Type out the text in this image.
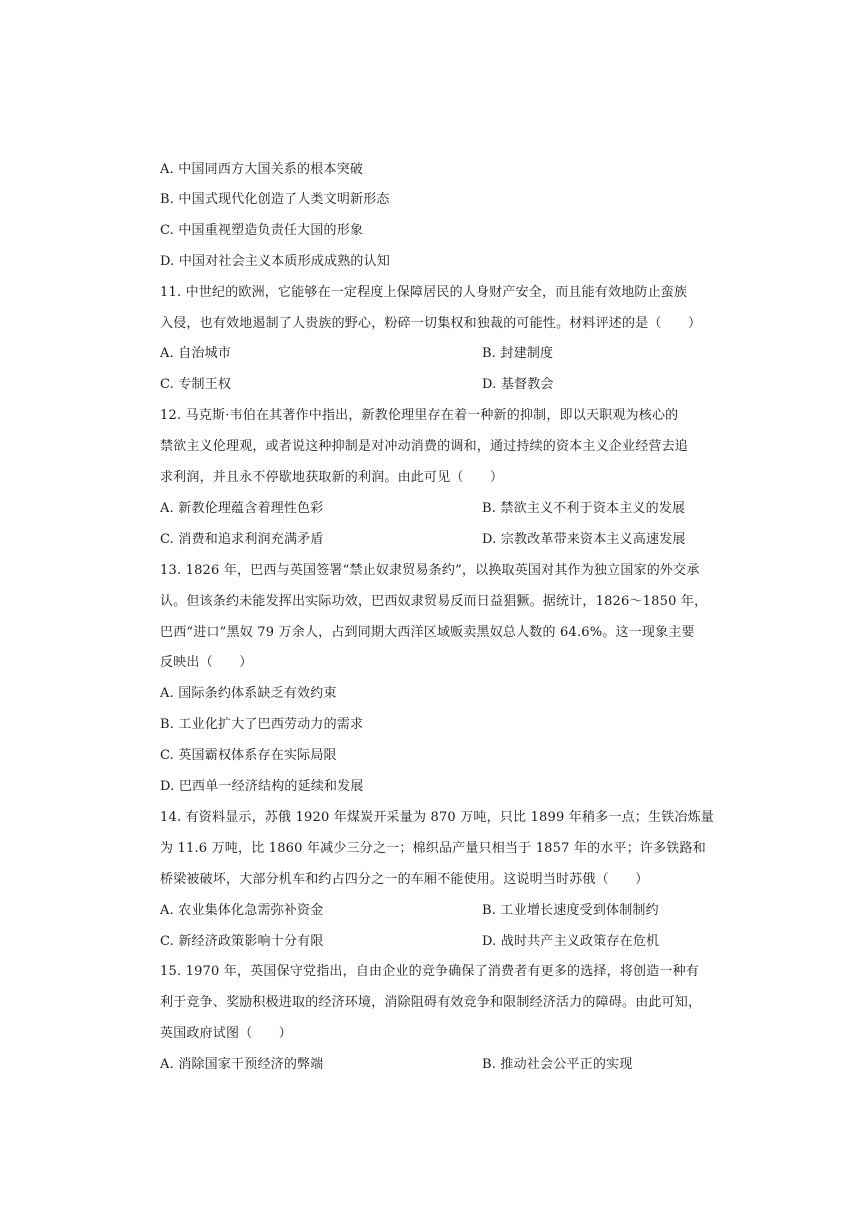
A. 中国同西方大国关系的根本突破
B. 中国式现代化创造了人类文明新形态
C. 中国重视塑造负责任大国的形象
D. 中国对社会主义本质形成成熟的认知
11. 中世纪的欧洲，它能够在一定程度上保障居民的人身财产安全，而且能有效地防止蛮族
入侵，也有效地遏制了人贵族的野心，粉碎一切集权和独裁的可能性。材料评述的是（　　）
A. 自治城市	B. 封建制度
C. 专制王权	D. 基督教会
12. 马克斯·韦伯在其著作中指出，新教伦理里存在着一种新的抑制，即以天职观为核心的
禁欲主义伦理观，或者说这种抑制是对冲动消费的调和，通过持续的资本主义企业经营去追
求利润，并且永不停歇地获取新的利润。由此可见（　　）
A. 新教伦理蕴含着理性色彩	B. 禁欲主义不利于资本主义的发展
C. 消费和追求利润充满矛盾	D. 宗教改革带来资本主义高速发展
13. 1826 年，巴西与英国签署“禁止奴隶贸易条约”，以换取英国对其作为独立国家的外交承
认。但该条约未能发挥出实际功效，巴西奴隶贸易反而日益猖獗。据统计，1826～1850 年，
巴西“进口”黑奴 79 万余人，占到同期大西洋区域贩卖黑奴总人数的 64.6%。这一现象主要
反映出（　　）
A. 国际条约体系缺乏有效约束
B. 工业化扩大了巴西劳动力的需求
C. 英国霸权体系存在实际局限
D. 巴西单一经济结构的延续和发展
14. 有资料显示，苏俄 1920 年煤炭开采量为 870 万吨，只比 1899 年稍多一点；生铁冶炼量
为 11.6 万吨，比 1860 年减少三分之一；棉织品产量只相当于 1857 年的水平；许多铁路和
桥梁被破坏，大部分机车和约占四分之一的车厢不能使用。这说明当时苏俄（　　）
A. 农业集体化急需弥补资金	B. 工业增长速度受到体制制约
C. 新经济政策影响十分有限	D. 战时共产主义政策存在危机
15. 1970 年，英国保守党指出，自由企业的竞争确保了消费者有更多的选择，将创造一种有
利于竞争、奖励积极进取的经济环境，消除阻碍有效竞争和限制经济活力的障碍。由此可知，
英国政府试图（　　）
A. 消除国家干预经济的弊端	B. 推动社会公平正的实现
